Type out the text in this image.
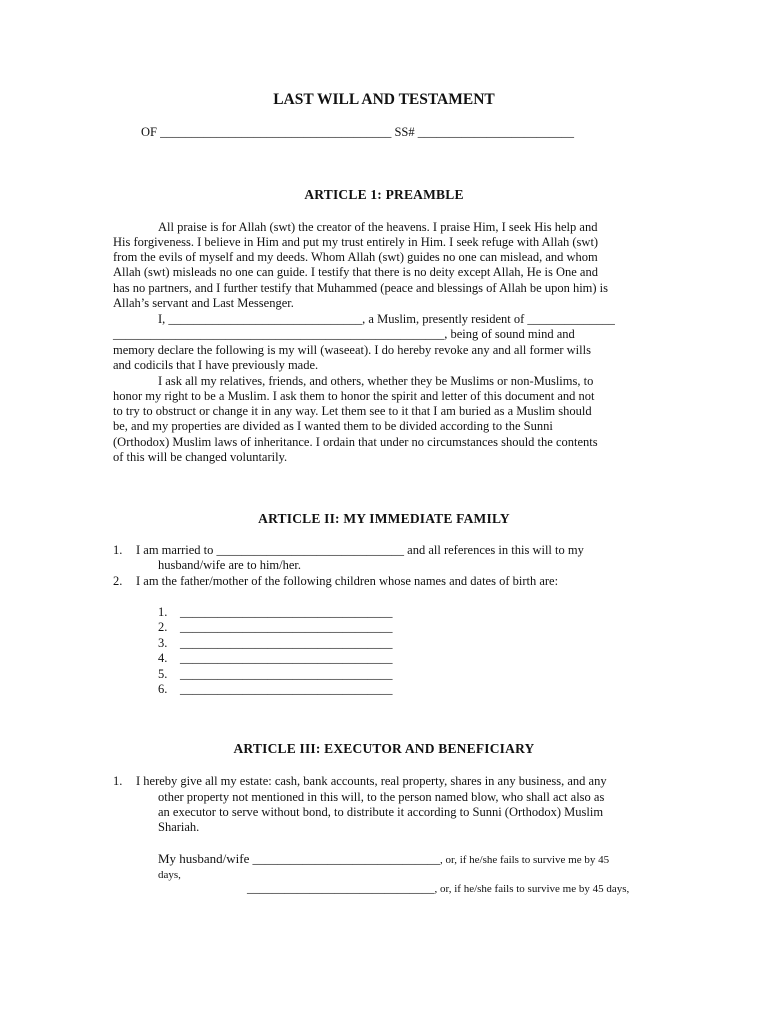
LAST WILL AND TESTAMENT
OF _____________________________________ SS# _________________________
ARTICLE 1: PREAMBLE
All praise is for Allah (swt) the creator of the heavens. I praise Him, I seek His help and
His forgiveness. I believe in Him and put my trust entirely in Him. I seek refuge with Allah (swt)
from the evils of myself and my deeds. Whom Allah (swt) guides no one can mislead, and whom
Allah (swt) misleads no one can guide. I testify that there is no deity except Allah, He is One and
has no partners, and I further testify that Muhammed (peace and blessings of Allah be upon him) is
Allah’s servant and Last Messenger.
I, _______________________________, a Muslim, presently resident of ______________
_____________________________________________________, being of sound mind and
memory declare the following is my will (waseeat). I do hereby revoke any and all former wills
and codicils that I have previously made.
I ask all my relatives, friends, and others, whether they be Muslims or non-Muslims, to
honor my right to be a Muslim. I ask them to honor the spirit and letter of this document and not
to try to obstruct or change it in any way. Let them see to it that I am buried as a Muslim should
be, and my properties are divided as I wanted them to be divided according to the Sunni
(Orthodox) Muslim laws of inheritance. I ordain that under no circumstances should the contents
of this will be changed voluntarily.
ARTICLE II: MY IMMEDIATE FAMILY
1. I am married to ______________________________ and all references in this will to my
husband/wife are to him/her.
2. I am the father/mother of the following children whose names and dates of birth are:
1. __________________________________
2. __________________________________
3. __________________________________
4. __________________________________
5. __________________________________
6. __________________________________
ARTICLE III: EXECUTOR AND BENEFICIARY
1. I hereby give all my estate: cash, bank accounts, real property, shares in any business, and any
other property not mentioned in this will, to the person named blow, who shall act also as
an executor to serve without bond, to distribute it according to Sunni (Orthodox) Muslim
Shariah.
My husband/wife ______________________________, or, if he/she fails to survive me by 45
days,
______________________________, or, if he/she fails to survive me by 45 days,
